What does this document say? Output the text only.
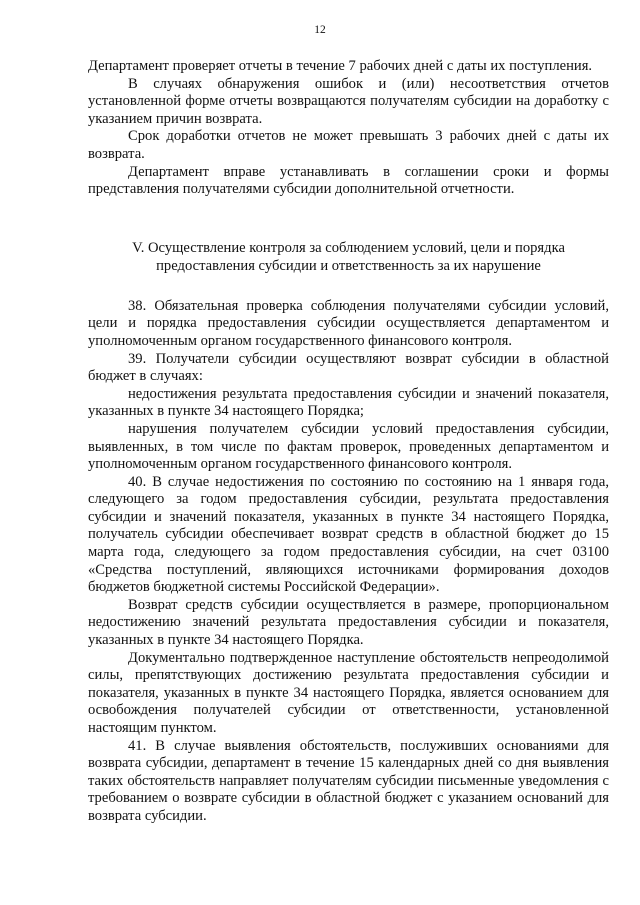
12

Департамент проверяет отчеты в течение 7 рабочих дней с даты их поступления.

В случаях обнаружения ошибок и (или) несоответствия отчетов установленной форме отчеты возвращаются получателям субсидии на доработку с указанием причин возврата.

Срок доработки отчетов не может превышать 3 рабочих дней с даты их возврата.

Департамент вправе устанавливать в соглашении сроки и формы представления получателями субсидии дополнительной отчетности.

V. Осуществление контроля за соблюдением условий, цели и порядка
предоставления субсидии и ответственность за их нарушение

38. Обязательная проверка соблюдения получателями субсидии условий, цели и порядка предоставления субсидии осуществляется департаментом и уполномоченным органом государственного финансового контроля.

39. Получатели субсидии осуществляют возврат субсидии в областной бюджет в случаях:

недостижения результата предоставления субсидии и значений показателя, указанных в пункте 34 настоящего Порядка;

нарушения получателем субсидии условий предоставления субсидии, выявленных, в том числе по фактам проверок, проведенных департаментом и уполномоченным органом государственного финансового контроля.

40. В случае недостижения по состоянию по состоянию на 1 января года, следующего за годом предоставления субсидии, результата предоставления субсидии и значений показателя, указанных в пункте 34 настоящего Порядка, получатель субсидии обеспечивает возврат средств в областной бюджет до 15 марта года, следующего за годом предоставления субсидии, на счет 03100 «Средства поступлений, являющихся источниками формирования доходов бюджетов бюджетной системы Российской Федерации».

Возврат средств субсидии осуществляется в размере, пропорциональном недостижению значений результата предоставления субсидии и показателя, указанных в пункте 34 настоящего Порядка.

Документально подтвержденное наступление обстоятельств непреодолимой силы, препятствующих достижению результата предоставления субсидии и показателя, указанных в пункте 34 настоящего Порядка, является основанием для освобождения получателей субсидии от ответственности, установленной настоящим пунктом.

41. В случае выявления обстоятельств, послуживших основаниями для возврата субсидии, департамент в течение 15 календарных дней со дня выявления таких обстоятельств направляет получателям субсидии письменные уведомления с требованием о возврате субсидии в областной бюджет с указанием оснований для возврата субсидии.
